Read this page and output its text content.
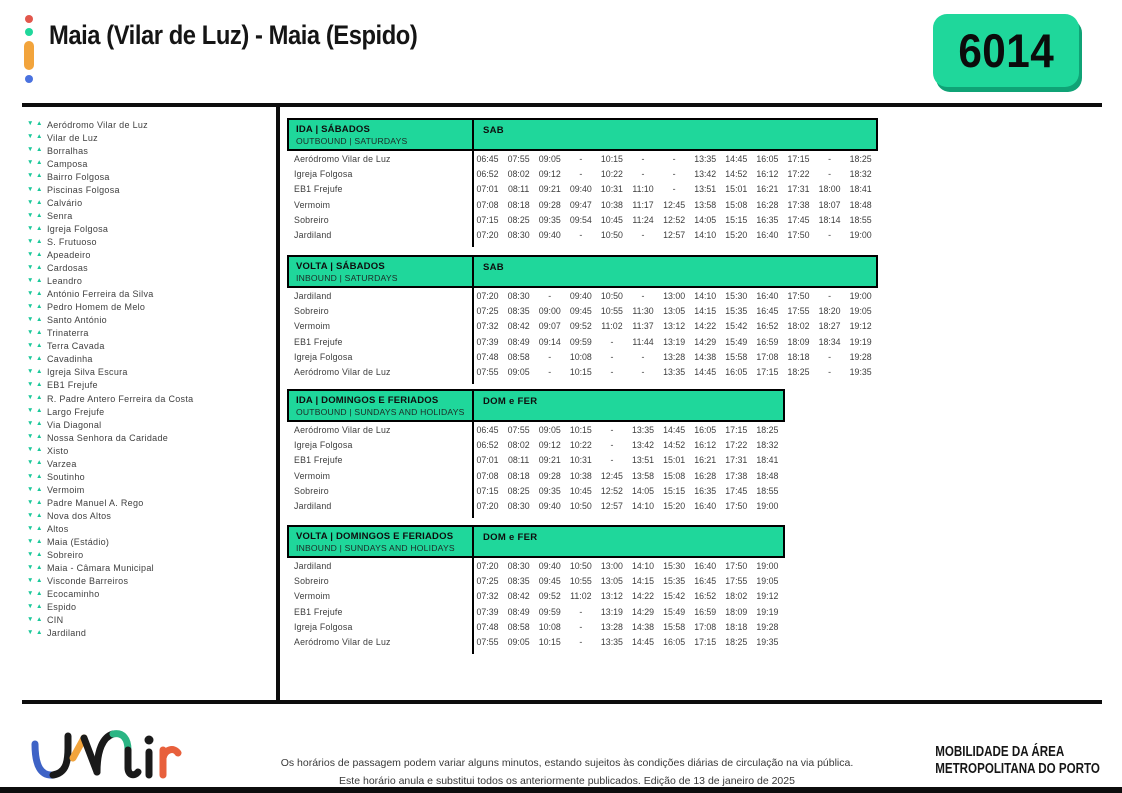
Maia (Vilar de Luz) - Maia (Espido)	6014
▼ ▲ Aeródromo Vilar de Luz
▼ ▲ Vilar de Luz
▼ ▲ Borralhas
▼ ▲ Camposa
▼ ▲ Bairro Folgosa
▼ ▲ Piscinas Folgosa
▼ ▲ Calvário
▼ ▲ Senra
▼ ▲ Igreja Folgosa
▼ ▲ S. Frutuoso
▼ ▲ Apeadeiro
▼ ▲ Cardosas
▼ ▲ Leandro
▼ ▲ António Ferreira da Silva
▼ ▲ Pedro Homem de Melo
▼ ▲ Santo António
▼ ▲ Trinaterra
▼ ▲ Terra Cavada
▼ ▲ Cavadinha
▼ ▲ Igreja Silva Escura
▼ ▲ EB1 Frejufe
▼ ▲ R. Padre Antero Ferreira da Costa
▼ ▲ Largo Frejufe
▼ ▲ Via Diagonal
▼ ▲ Nossa Senhora da Caridade
▼ ▲ Xisto
▼ ▲ Varzea
▼ ▲ Soutinho
▼ ▲ Vermoim
▼ ▲ Padre Manuel A. Rego
▼ ▲ Nova dos Altos
▼ ▲ Altos
▼ ▲ Maia (Estádio)
▼ ▲ Sobreiro
▼ ▲ Maia - Câmara Municipal
▼ ▲ Visconde Barreiros
▼ ▲ Ecocaminho
▼ ▲ Espido
▼ ▲ CIN
▼ ▲ Jardiland
IDA | SÁBADOS
OUTBOUND | SATURDAYS
SAB
Aeródromo Vilar de Luz	06:45	07:55	09:05	-	10:15	-	-	13:35	14:45	16:05	17:15	-	18:25
Igreja Folgosa	06:52	08:02	09:12	-	10:22	-	-	13:42	14:52	16:12	17:22	-	18:32
EB1 Frejufe	07:01	08:11	09:21	09:40	10:31	11:10	-	13:51	15:01	16:21	17:31	18:00	18:41
Vermoim	07:08	08:18	09:28	09:47	10:38	11:17	12:45	13:58	15:08	16:28	17:38	18:07	18:48
Sobreiro	07:15	08:25	09:35	09:54	10:45	11:24	12:52	14:05	15:15	16:35	17:45	18:14	18:55
Jardiland	07:20	08:30	09:40	-	10:50	-	12:57	14:10	15:20	16:40	17:50	-	19:00
VOLTA | SÁBADOS
INBOUND | SATURDAYS
SAB
Jardiland	07:20	08:30	-	09:40	10:50	-	13:00	14:10	15:30	16:40	17:50	-	19:00
Sobreiro	07:25	08:35	09:00	09:45	10:55	11:30	13:05	14:15	15:35	16:45	17:55	18:20	19:05
Vermoim	07:32	08:42	09:07	09:52	11:02	11:37	13:12	14:22	15:42	16:52	18:02	18:27	19:12
EB1 Frejufe	07:39	08:49	09:14	09:59	-	11:44	13:19	14:29	15:49	16:59	18:09	18:34	19:19
Igreja Folgosa	07:48	08:58	-	10:08	-	-	13:28	14:38	15:58	17:08	18:18	-	19:28
Aeródromo Vilar de Luz	07:55	09:05	-	10:15	-	-	13:35	14:45	16:05	17:15	18:25	-	19:35
IDA | DOMINGOS E FERIADOS
OUTBOUND | SUNDAYS AND HOLIDAYS
DOM e FER
Aeródromo Vilar de Luz	06:45	07:55	09:05	10:15	-	13:35	14:45	16:05	17:15	18:25
Igreja Folgosa	06:52	08:02	09:12	10:22	-	13:42	14:52	16:12	17:22	18:32
EB1 Frejufe	07:01	08:11	09:21	10:31	-	13:51	15:01	16:21	17:31	18:41
Vermoim	07:08	08:18	09:28	10:38	12:45	13:58	15:08	16:28	17:38	18:48
Sobreiro	07:15	08:25	09:35	10:45	12:52	14:05	15:15	16:35	17:45	18:55
Jardiland	07:20	08:30	09:40	10:50	12:57	14:10	15:20	16:40	17:50	19:00
VOLTA | DOMINGOS E FERIADOS
INBOUND | SUNDAYS AND HOLIDAYS
DOM e FER
Jardiland	07:20	08:30	09:40	10:50	13:00	14:10	15:30	16:40	17:50	19:00
Sobreiro	07:25	08:35	09:45	10:55	13:05	14:15	15:35	16:45	17:55	19:05
Vermoim	07:32	08:42	09:52	11:02	13:12	14:22	15:42	16:52	18:02	19:12
EB1 Frejufe	07:39	08:49	09:59	-	13:19	14:29	15:49	16:59	18:09	19:19
Igreja Folgosa	07:48	08:58	10:08	-	13:28	14:38	15:58	17:08	18:18	19:28
Aeródromo Vilar de Luz	07:55	09:05	10:15	-	13:35	14:45	16:05	17:15	18:25	19:35
Os horários de passagem podem variar alguns minutos, estando sujeitos às condições diárias de circulação na via pública.
Este horário anula e substitui todos os anteriormente publicados. Edição de 13 de janeiro de 2025
MOBILIDADE DA ÁREA
METROPOLITANA DO PORTO
